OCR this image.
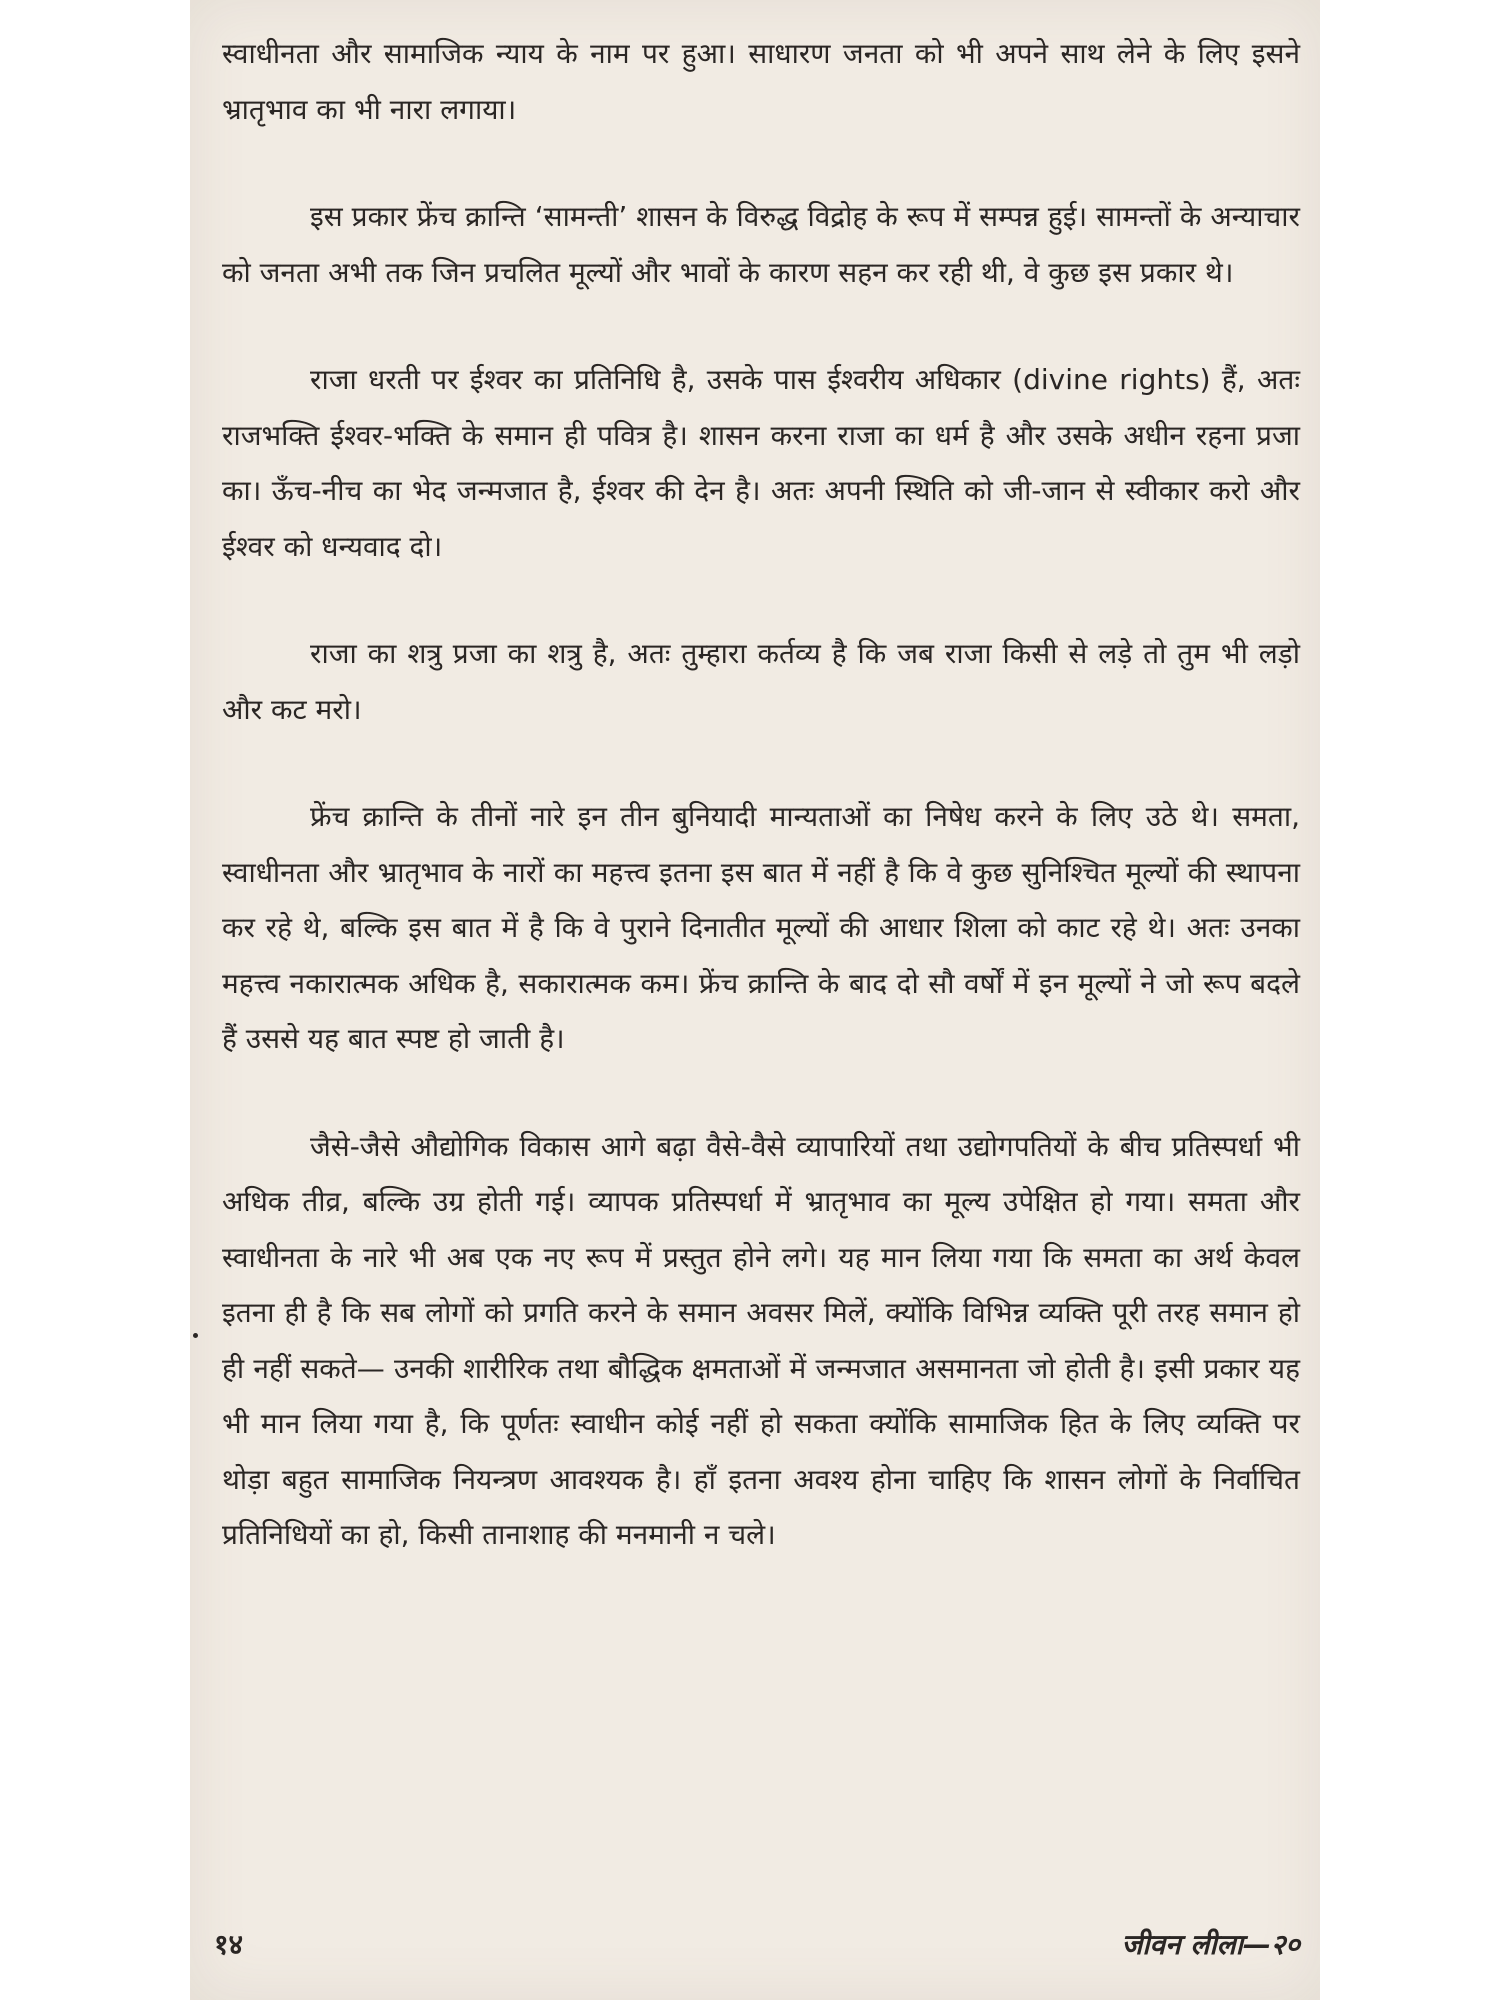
स्वाधीनता और सामाजिक न्याय के नाम पर हुआ। साधारण जनता को भी अपने साथ लेने के लिए इसने भ्रातृभाव का भी नारा लगाया।

इस प्रकार फ्रेंच क्रान्ति ‘सामन्ती’ शासन के विरुद्ध विद्रोह के रूप में सम्पन्न हुई। सामन्तों के अन्याचार को जनता अभी तक जिन प्रचलित मूल्यों और भावों के कारण सहन कर रही थी, वे कुछ इस प्रकार थे।

राजा धरती पर ईश्वर का प्रतिनिधि है, उसके पास ईश्वरीय अधिकार (divine rights) हैं, अतः राजभक्ति ईश्वर-भक्ति के समान ही पवित्र है। शासन करना राजा का धर्म है और उसके अधीन रहना प्रजा का। ऊँच-नीच का भेद जन्मजात है, ईश्वर की देन है। अतः अपनी स्थिति को जी-जान से स्वीकार करो और ईश्वर को धन्यवाद दो।

राजा का शत्रु प्रजा का शत्रु है, अतः तुम्हारा कर्तव्य है कि जब राजा किसी से लड़े तो तुम भी लड़ो और कट मरो।

फ्रेंच क्रान्ति के तीनों नारे इन तीन बुनियादी मान्यताओं का निषेध करने के लिए उठे थे। समता, स्वाधीनता और भ्रातृभाव के नारों का महत्त्व इतना इस बात में नहीं है कि वे कुछ सुनिश्चित मूल्यों की स्थापना कर रहे थे, बल्कि इस बात में है कि वे पुराने दिनातीत मूल्यों की आधार शिला को काट रहे थे। अतः उनका महत्त्व नकारात्मक अधिक है, सकारात्मक कम। फ्रेंच क्रान्ति के बाद दो सौ वर्षों में इन मूल्यों ने जो रूप बदले हैं उससे यह बात स्पष्ट हो जाती है।

जैसे-जैसे औद्योगिक विकास आगे बढ़ा वैसे-वैसे व्यापारियों तथा उद्योगपतियों के बीच प्रतिस्पर्धा भी अधिक तीव्र, बल्कि उग्र होती गई। व्यापक प्रतिस्पर्धा में भ्रातृभाव का मूल्य उपेक्षित हो गया। समता और स्वाधीनता के नारे भी अब एक नए रूप में प्रस्तुत होने लगे। यह मान लिया गया कि समता का अर्थ केवल इतना ही है कि सब लोगों को प्रगति करने के समान अवसर मिलें, क्योंकि विभिन्न व्यक्ति पूरी तरह समान हो ही नहीं सकते— उनकी शारीरिक तथा बौद्धिक क्षमताओं में जन्मजात असमानता जो होती है। इसी प्रकार यह भी मान लिया गया है, कि पूर्णतः स्वाधीन कोई नहीं हो सकता क्योंकि सामाजिक हित के लिए व्यक्ति पर थोड़ा बहुत सामाजिक नियन्त्रण आवश्यक है। हाँ इतना अवश्य होना चाहिए कि शासन लोगों के निर्वाचित प्रतिनिधियों का हो, किसी तानाशाह की मनमानी न चले।

१४	जीवन लीला—२०
